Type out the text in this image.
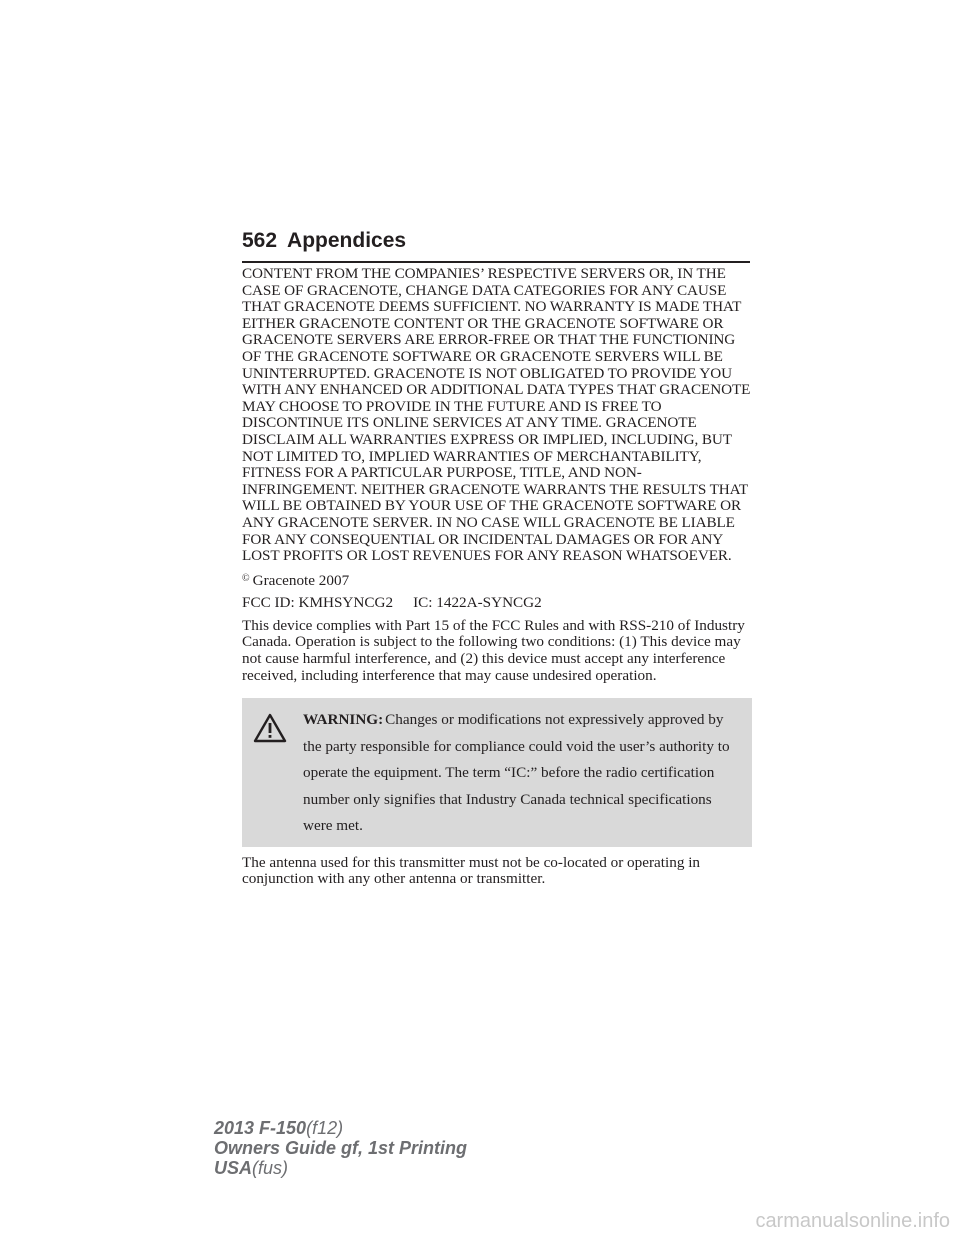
562 Appendices

CONTENT FROM THE COMPANIES’ RESPECTIVE SERVERS OR, IN THE CASE OF GRACENOTE, CHANGE DATA CATEGORIES FOR ANY CAUSE THAT GRACENOTE DEEMS SUFFICIENT. NO WARRANTY IS MADE THAT EITHER GRACENOTE CONTENT OR THE GRACENOTE SOFTWARE OR GRACENOTE SERVERS ARE ERROR-FREE OR THAT THE FUNCTIONING OF THE GRACENOTE SOFTWARE OR GRACENOTE SERVERS WILL BE UNINTERRUPTED. GRACENOTE IS NOT OBLIGATED TO PROVIDE YOU WITH ANY ENHANCED OR ADDITIONAL DATA TYPES THAT GRACENOTE MAY CHOOSE TO PROVIDE IN THE FUTURE AND IS FREE TO DISCONTINUE ITS ONLINE SERVICES AT ANY TIME. GRACENOTE DISCLAIM ALL WARRANTIES EXPRESS OR IMPLIED, INCLUDING, BUT NOT LIMITED TO, IMPLIED WARRANTIES OF MERCHANTABILITY, FITNESS FOR A PARTICULAR PURPOSE, TITLE, AND NON-INFRINGEMENT. NEITHER GRACENOTE WARRANTS THE RESULTS THAT WILL BE OBTAINED BY YOUR USE OF THE GRACENOTE SOFTWARE OR ANY GRACENOTE SERVER. IN NO CASE WILL GRACENOTE BE LIABLE FOR ANY CONSEQUENTIAL OR INCIDENTAL DAMAGES OR FOR ANY LOST PROFITS OR LOST REVENUES FOR ANY REASON WHATSOEVER.

© Gracenote 2007

FCC ID: KMHSYNCG2 IC: 1422A-SYNCG2

This device complies with Part 15 of the FCC Rules and with RSS-210 of Industry Canada. Operation is subject to the following two conditions: (1) This device may not cause harmful interference, and (2) this device must accept any interference received, including interference that may cause undesired operation.

WARNING: Changes or modifications not expressively approved by the party responsible for compliance could void the user’s authority to operate the equipment. The term “IC:” before the radio certification number only signifies that Industry Canada technical specifications were met.

The antenna used for this transmitter must not be co-located or operating in conjunction with any other antenna or transmitter.

2013 F-150(f12)
Owners Guide gf, 1st Printing
USA(fus)
carmanualsonline.info
